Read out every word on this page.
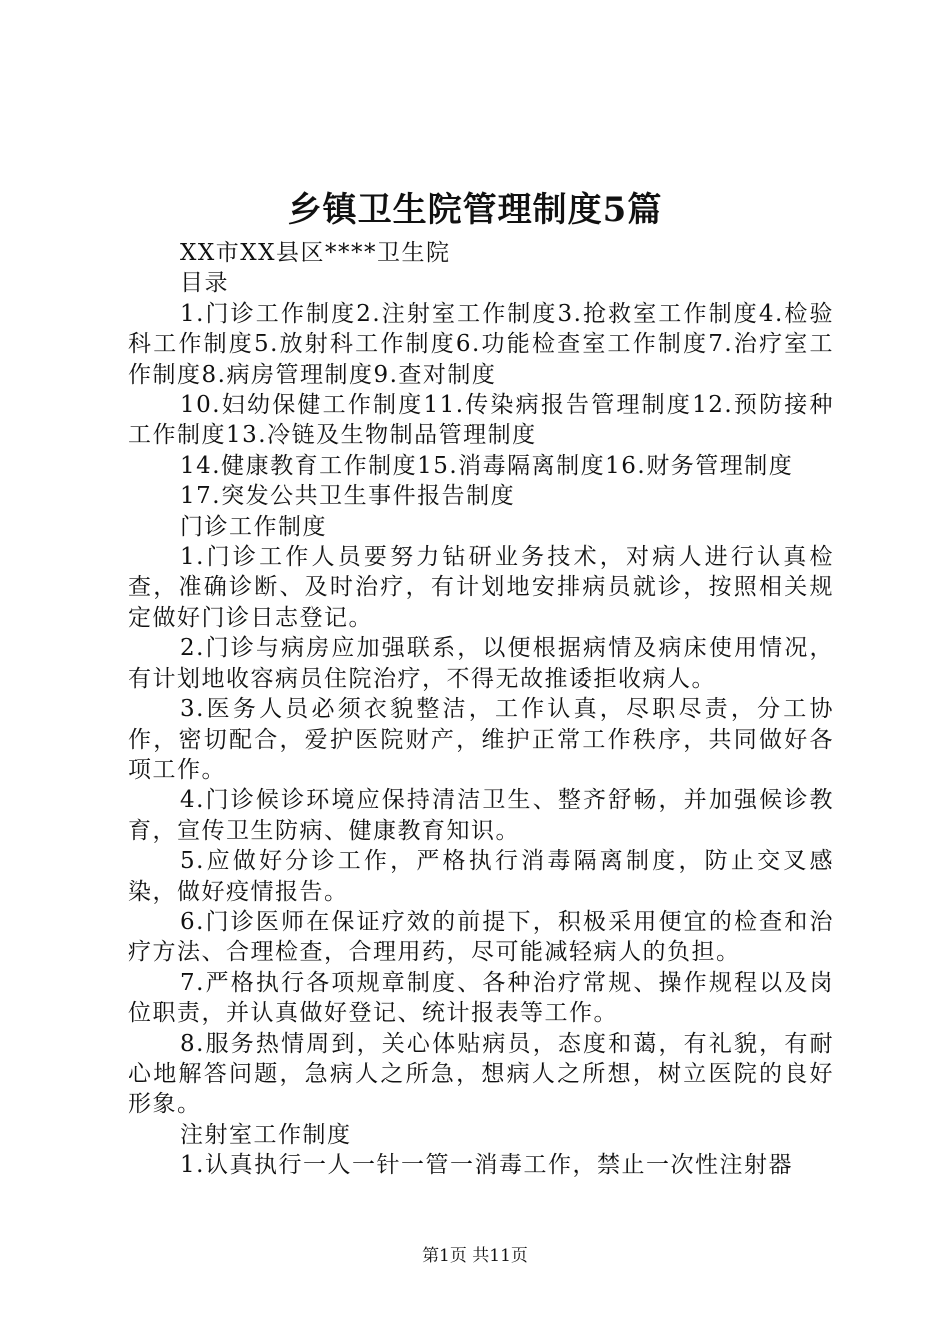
乡镇卫生院管理制度5篇

XX市XX县区****卫生院

目录

1.门诊工作制度2.注射室工作制度3.抢救室工作制度4.检验科工作制度5.放射科工作制度6.功能检查室工作制度7.治疗室工作制度8.病房管理制度9.查对制度

10.妇幼保健工作制度11.传染病报告管理制度12.预防接种工作制度13.冷链及生物制品管理制度

14.健康教育工作制度15.消毒隔离制度16.财务管理制度

17.突发公共卫生事件报告制度

门诊工作制度

1.门诊工作人员要努力钻研业务技术，对病人进行认真检查，准确诊断、及时治疗，有计划地安排病员就诊，按照相关规定做好门诊日志登记。

2.门诊与病房应加强联系，以便根据病情及病床使用情况，有计划地收容病员住院治疗，不得无故推诿拒收病人。

3.医务人员必须衣貌整洁，工作认真，尽职尽责，分工协作，密切配合，爱护医院财产，维护正常工作秩序，共同做好各项工作。

4.门诊候诊环境应保持清洁卫生、整齐舒畅，并加强候诊教育，宣传卫生防病、健康教育知识。

5.应做好分诊工作，严格执行消毒隔离制度，防止交叉感染，做好疫情报告。

6.门诊医师在保证疗效的前提下，积极采用便宜的检查和治疗方法、合理检查，合理用药，尽可能减轻病人的负担。

7.严格执行各项规章制度、各种治疗常规、操作规程以及岗位职责，并认真做好登记、统计报表等工作。

8.服务热情周到，关心体贴病员，态度和蔼，有礼貌，有耐心地解答问题，急病人之所急，想病人之所想，树立医院的良好形象。

注射室工作制度

1.认真执行一人一针一管一消毒工作，禁止一次性注射器

第1页 共11页
